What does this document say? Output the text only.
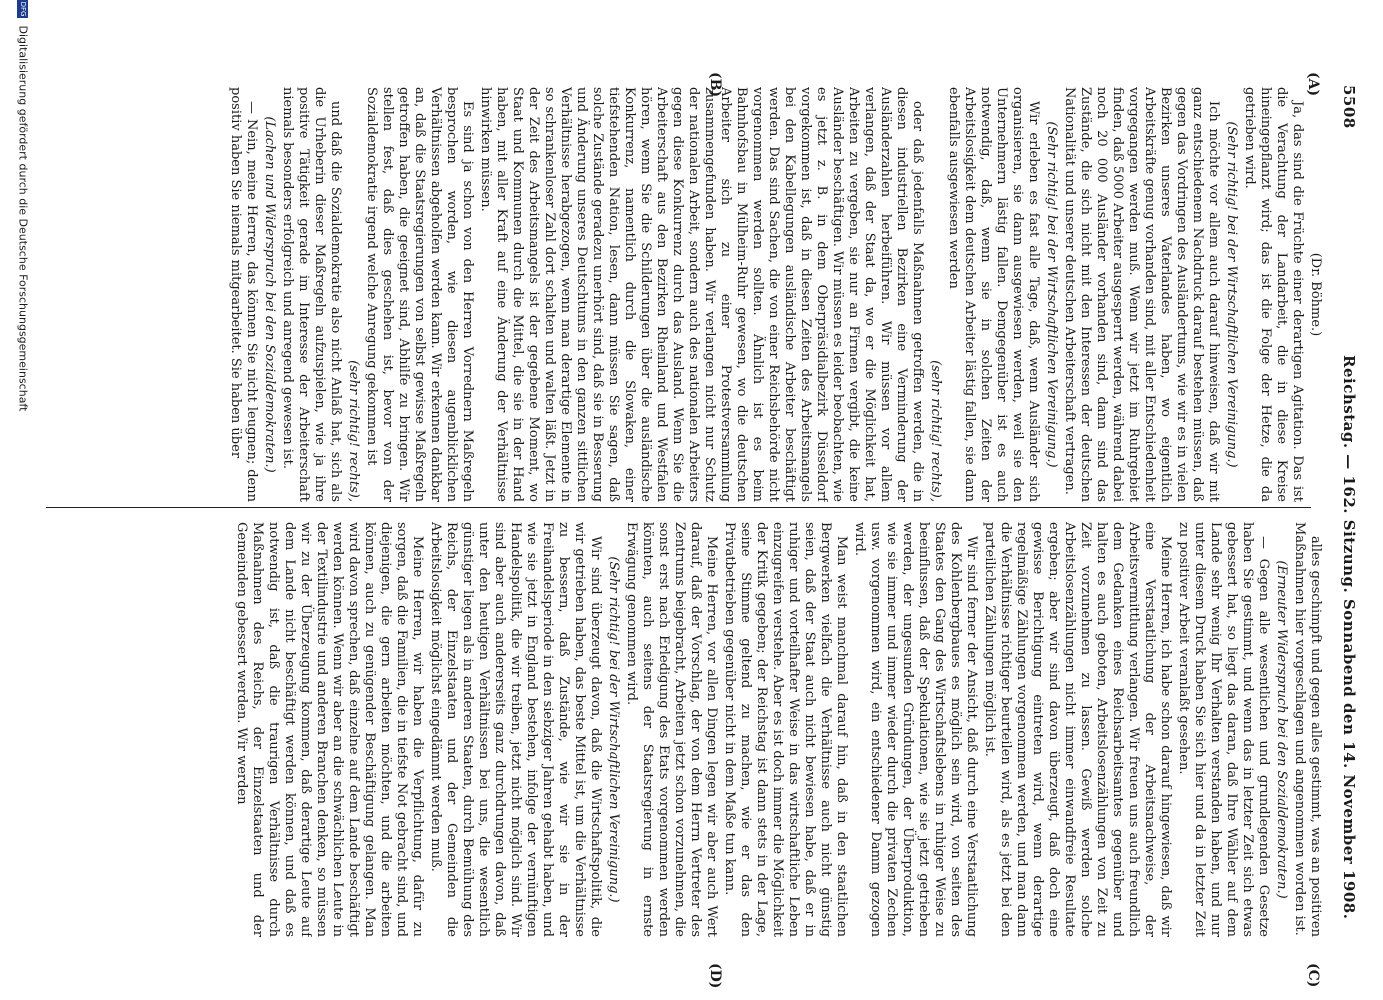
5508
Reichstag. — 162. Sitzung. Sonnabend den 14. November 1908.
(A)
(B)
(C)
(D)

(Dr. Böhme.)

Ja, das sind die Früchte einer derartigen Agitation. Das ist die Verachtung der Landarbeit, die in diese Kreise hineingepflanzt wird; das ist die Folge der Hetze, die da getrieben wird.

(Sehr richtig! bei der Wirtschaftlichen Vereinigung.)

Ich möchte vor allem auch darauf hinweisen, daß wir mit ganz entschiedenem Nachdruck darauf bestehen müssen, daß gegen das Vordringen des Ausländertums, wie wir es in vielen Bezirken unseres Vaterlandes haben, wo eigentlich Arbeitskräfte genug vorhanden sind, mit aller Entschiedenheit vorgegangen werden muß. Wenn wir jetzt im Ruhrgebiet finden, daß 5000 Arbeiter ausgesperrt werden, während dabei noch 20 000 Ausländer vorhanden sind, dann sind das Zustände, die sich nicht mit den Interessen der deutschen Nationalität und unserer deutschen Arbeiterschaft vertragen.

(Sehr richtig! bei der Wirtschaftlichen Vereinigung.)

Wir erleben es fast alle Tage, daß, wenn Ausländer sich organisieren, sie dann ausgewiesen werden, weil sie den Unternehmern lästig fallen. Demgegenüber ist es auch notwendig, daß, wenn sie in solchen Zeiten der Arbeitslosigkeit dem deutschen Arbeiter lästig fallen, sie dann ebenfalls ausgewiesen werden

(sehr richtig! rechts),

oder daß jedenfalls Maßnahmen getroffen werden, die in diesen industriellen Bezirken eine Verminderung der Ausländerzahlen herbeiführen. Wir müssen vor allem verlangen, daß der Staat da, wo er die Möglichkeit hat, Arbeiten zu vergeben, sie nur an Firmen vergibt, die keine Ausländer beschäftigen. Wir müssen es leider beobachten, wie es jetzt z. B. in dem Oberpräsidialbezirk Düsseldorf vorgekommen ist, daß in diesen Zeiten des Arbeitsmangels bei den Kabellegungen ausländische Arbeiter beschäftigt werden. Das sind Sachen, die von einer Reichsbehörde nicht vorgenommen werden sollten. Ähnlich ist es beim Bahnhofsbau in Mülheim-Ruhr gewesen, wo die deutschen Arbeiter sich zu einer Protestversammlung zusammengefunden haben. Wir verlangen nicht nur Schutz der nationalen Arbeit, sondern auch des nationalen Arbeiters gegen diese Konkurrenz durch das Ausland. Wenn Sie die Arbeiterschaft aus den Bezirken Rheinland und Westfalen hören, wenn Sie die Schilderungen über die ausländische Konkurrenz, namentlich durch die Slowaken, einer tiefstehenden Nation, lesen, dann müssen Sie sagen, daß solche Zustände geradezu unerhört sind, daß sie in Besserung und Änderung unseres Deutschtums in den ganzen sittlichen Verhältnisse herabgezogen, wenn man derartige Elemente in so schrankenloser Zahl dort schalten und walten läßt. Jetzt in der Zeit des Arbeitsmangels ist der gegebene Moment, wo Staat und Kommunen durch die Mittel, die sie in der Hand haben, mit aller Kraft auf eine Änderung der Verhältnisse hinwirken müssen.

Es sind ja schon von den Herren Vorrednern Maßregeln besprochen worden, wie diesen augenblicklichen Verhältnissen abgeholfen werden kann. Wir erkennen dankbar an, daß die Staatsregierungen von selbst gewisse Maßregeln getroffen haben, die geeignet sind, Abhilfe zu bringen. Wir stellen fest, daß dies geschehen ist, bevor von der Sozialdemokratie irgend welche Anregung gekommen ist

(sehr richtig! rechts),

und daß die Sozialdemokratie also nicht Anlaß hat, sich als die Urheberin dieser Maßregeln aufzuspielen, wie ja ihre positive Tätigkeit gerade im Interesse der Arbeiterschaft niemals besonders erfolgreich und anregend gewesen ist.

(Lachen und Widerspruch bei den Sozialdemokraten.)

— Nein, meine Herren, das können Sie nicht leugnen; denn positiv haben Sie niemals mitgearbeitet. Sie haben über

alles geschimpft und gegen alles gestimmt, was an positiven Maßnahmen hier vorgeschlagen und angenommen worden ist.

(Erneuter Widerspruch bei den Sozialdemokraten.)

— Gegen alle wesentlichen und grundlegenden Gesetze haben Sie gestimmt, und wenn das in letzter Zeit sich etwas gebessert hat, so liegt das daran, daß Ihre Wähler auf dem Lande sehr wenig Ihr Verhalten verstanden haben, und nur unter diesem Druck haben Sie sich hier und da in letzter Zeit zu positiver Arbeit veranlaßt gesehen.

Meine Herren, ich habe schon darauf hingewiesen, daß wir eine Verstaatlichung der Arbeitsnachweise, der Arbeitsvermittlung verlangen. Wir freuen uns auch freundlich dem Gedanken eines Reichsarbeitsamtes gegenüber und halten es auch geboten, Arbeitslosenzählungen von Zeit zu Zeit vorzunehmen zu lassen. Gewiß werden solche Arbeitslosenzählungen nicht immer einwandfreie Resultate ergeben; aber wir sind davon überzeugt, daß doch eine gewisse Berichtigung eintreten wird, wenn derartige regelmäßige Zählungen vorgenommen werden, und man dann die Verhältnisse richtiger beurteilen wird, als es jetzt bei den parteilichen Zählungen möglich ist.

Wir sind ferner der Ansicht, daß durch eine Verstaatlichung des Kohlenbergbaues es möglich sein wird, von seiten des Staates den Gang des Wirtschaftslebens in ruhiger Weise zu beeinflussen, daß der Spekulationen, wie sie jetzt getrieben werden, der ungesunden Gründungen, der Überproduktion, wie sie immer und immer wieder durch die privaten Zechen usw. vorgenommen wird, ein entschiedener Damm gezogen wird.

Man weist manchmal darauf hin, daß in den staatlichen Bergwerken vielfach die Verhältnisse auch nicht günstig seien, daß der Staat auch nicht bewiesen habe, daß er in ruhiger und vorteilhafter Weise in das wirtschaftliche Leben einzugreifen verstehe. Aber es ist doch immer die Möglichkeit der Kritik gegeben; der Reichstag ist dann stets in der Lage, seine Stimme geltend zu machen, wie er das den Privatbetrieben gegenüber nicht in dem Maße tun kann.

Meine Herren, vor allen Dingen legen wir aber auch Wert darauf, daß der Vorschlag, der von dem Herrn Vertreter des Zentrums beigebracht, Arbeiten jetzt schon vorzunehmen, die sonst erst nach Erledigung des Etats vorgenommen werden könnten, auch seitens der Staatsregierung in ernste Erwägung genommen wird.

(Sehr richtig! bei der Wirtschaftlichen Vereinigung.)

Wir sind überzeugt davon, daß die Wirtschaftspolitik, die wir getrieben haben, das beste Mittel ist, um die Verhältnisse zu bessern, daß Zustände, wie wir sie in der Freihandelsperiode in den siebziger Jahren gehabt haben, und wie sie jetzt in England bestehen, infolge der vernünftigen Handelspolitik, die wir treiben, jetzt nicht möglich sind. Wir sind aber auch andererseits ganz durchdrungen davon, daß unter den heutigen Verhältnissen bei uns, die wesentlich günstiger liegen als in anderen Staaten, durch Bemühung des Reichs, der Einzelstaaten und der Gemeinden die Arbeitslosigkeit möglichst eingedämmt werden muß.

Meine Herren, wir haben die Verpflichtung, dafür zu sorgen, daß die Familien, die in tiefste Not gebracht sind, und diejenigen, die gern arbeiten möchten, und die arbeiten können, auch zu genügender Beschäftigung gelangen. Man wird davon sprechen, daß einzelne auf dem Lande beschäftigt werden können. Wenn wir aber an die schwächlichen Leute in der Textilindustrie und anderen Branchen denken, so müssen wir zu der Überzeugung kommen, daß derartige Leute auf dem Lande nicht beschäftigt werden können, und daß es notwendig ist, daß die traurigen Verhältnisse durch Maßnahmen des Reichs, der Einzelstaaten und der Gemeinden gebessert werden. Wir werden

DFG Digitalisierung gefördert durch die Deutsche Forschungsgemeinschaft
